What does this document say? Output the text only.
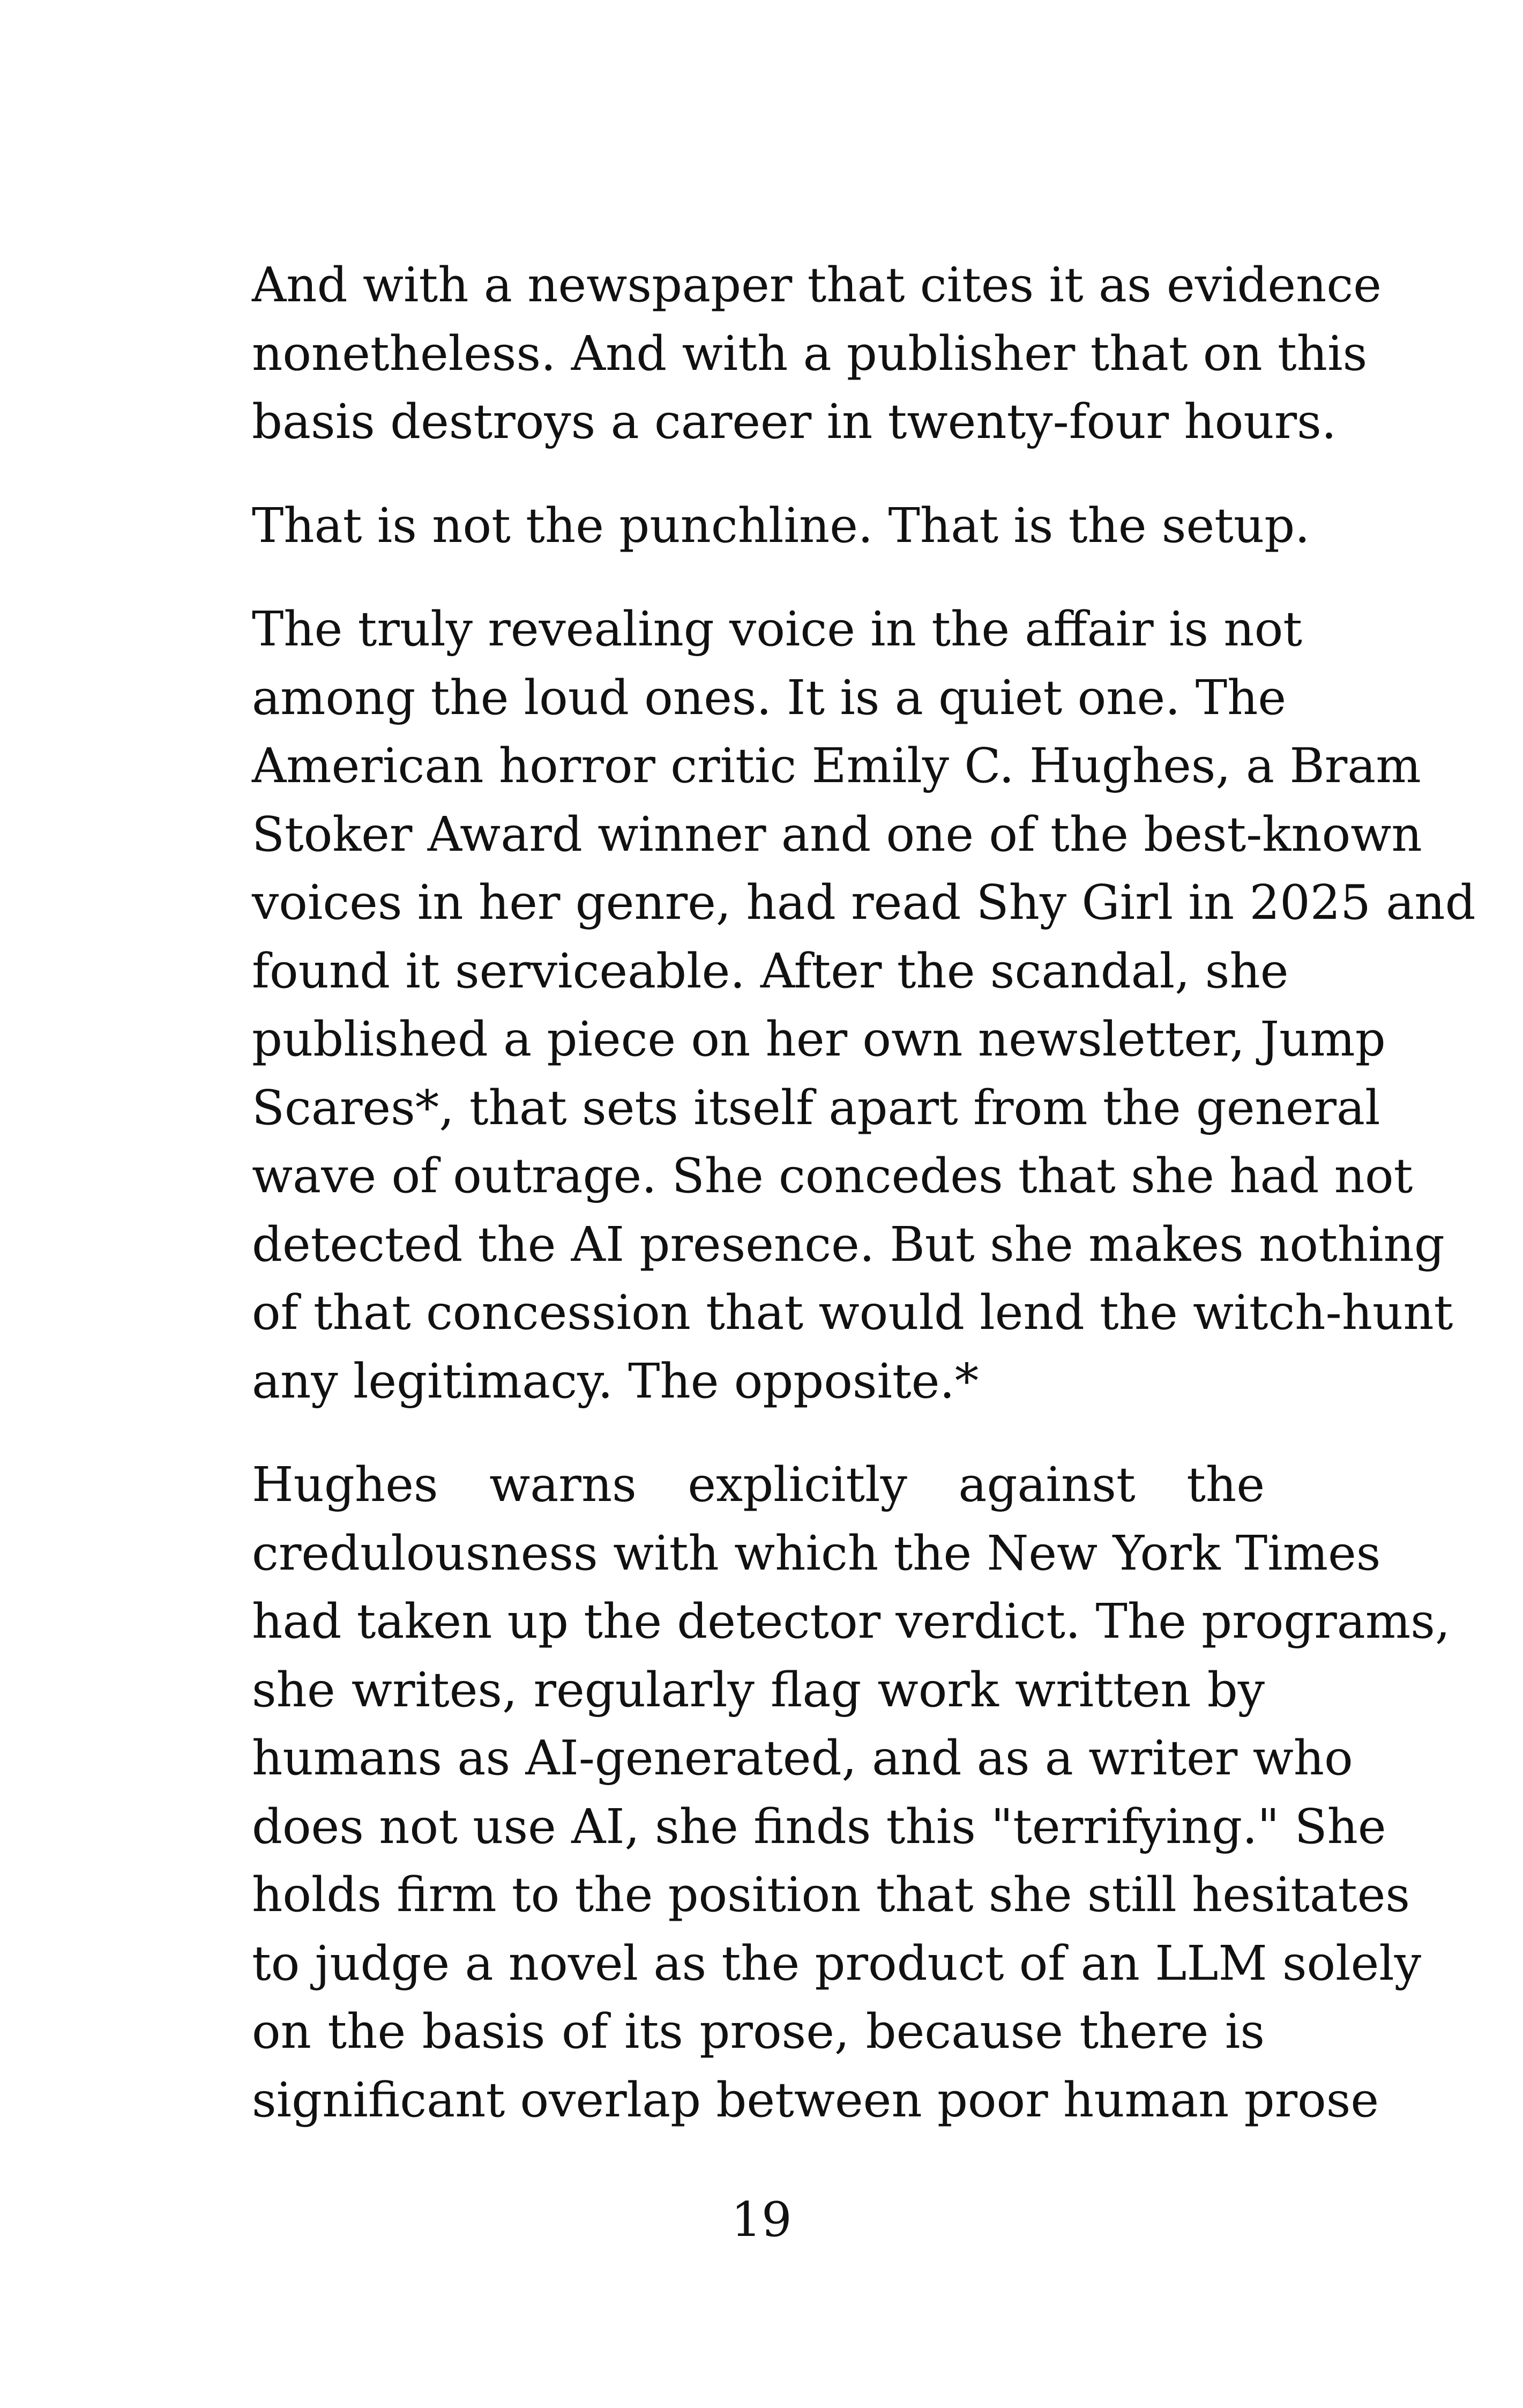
And with a newspaper that cites it as evidence
nonetheless. And with a publisher that on this
basis destroys a career in twenty-four hours.

That is not the punchline. That is the setup.

The truly revealing voice in the affair is not
among the loud ones. It is a quiet one. The
American horror critic Emily C. Hughes, a Bram
Stoker Award winner and one of the best-known
voices in her genre, had read Shy Girl in 2025 and
found it serviceable. After the scandal, she
published a piece on her own newsletter, Jump
Scares*, that sets itself apart from the general
wave of outrage. She concedes that she had not
detected the AI presence. But she makes nothing
of that concession that would lend the witch-hunt
any legitimacy. The opposite.*

Hughes warns explicitly against the
credulousness with which the New York Times
had taken up the detector verdict. The programs,
she writes, regularly flag work written by
humans as AI-generated, and as a writer who
does not use AI, she finds this "terrifying." She
holds firm to the position that she still hesitates
to judge a novel as the product of an LLM solely
on the basis of its prose, because there is
significant overlap between poor human prose

19
